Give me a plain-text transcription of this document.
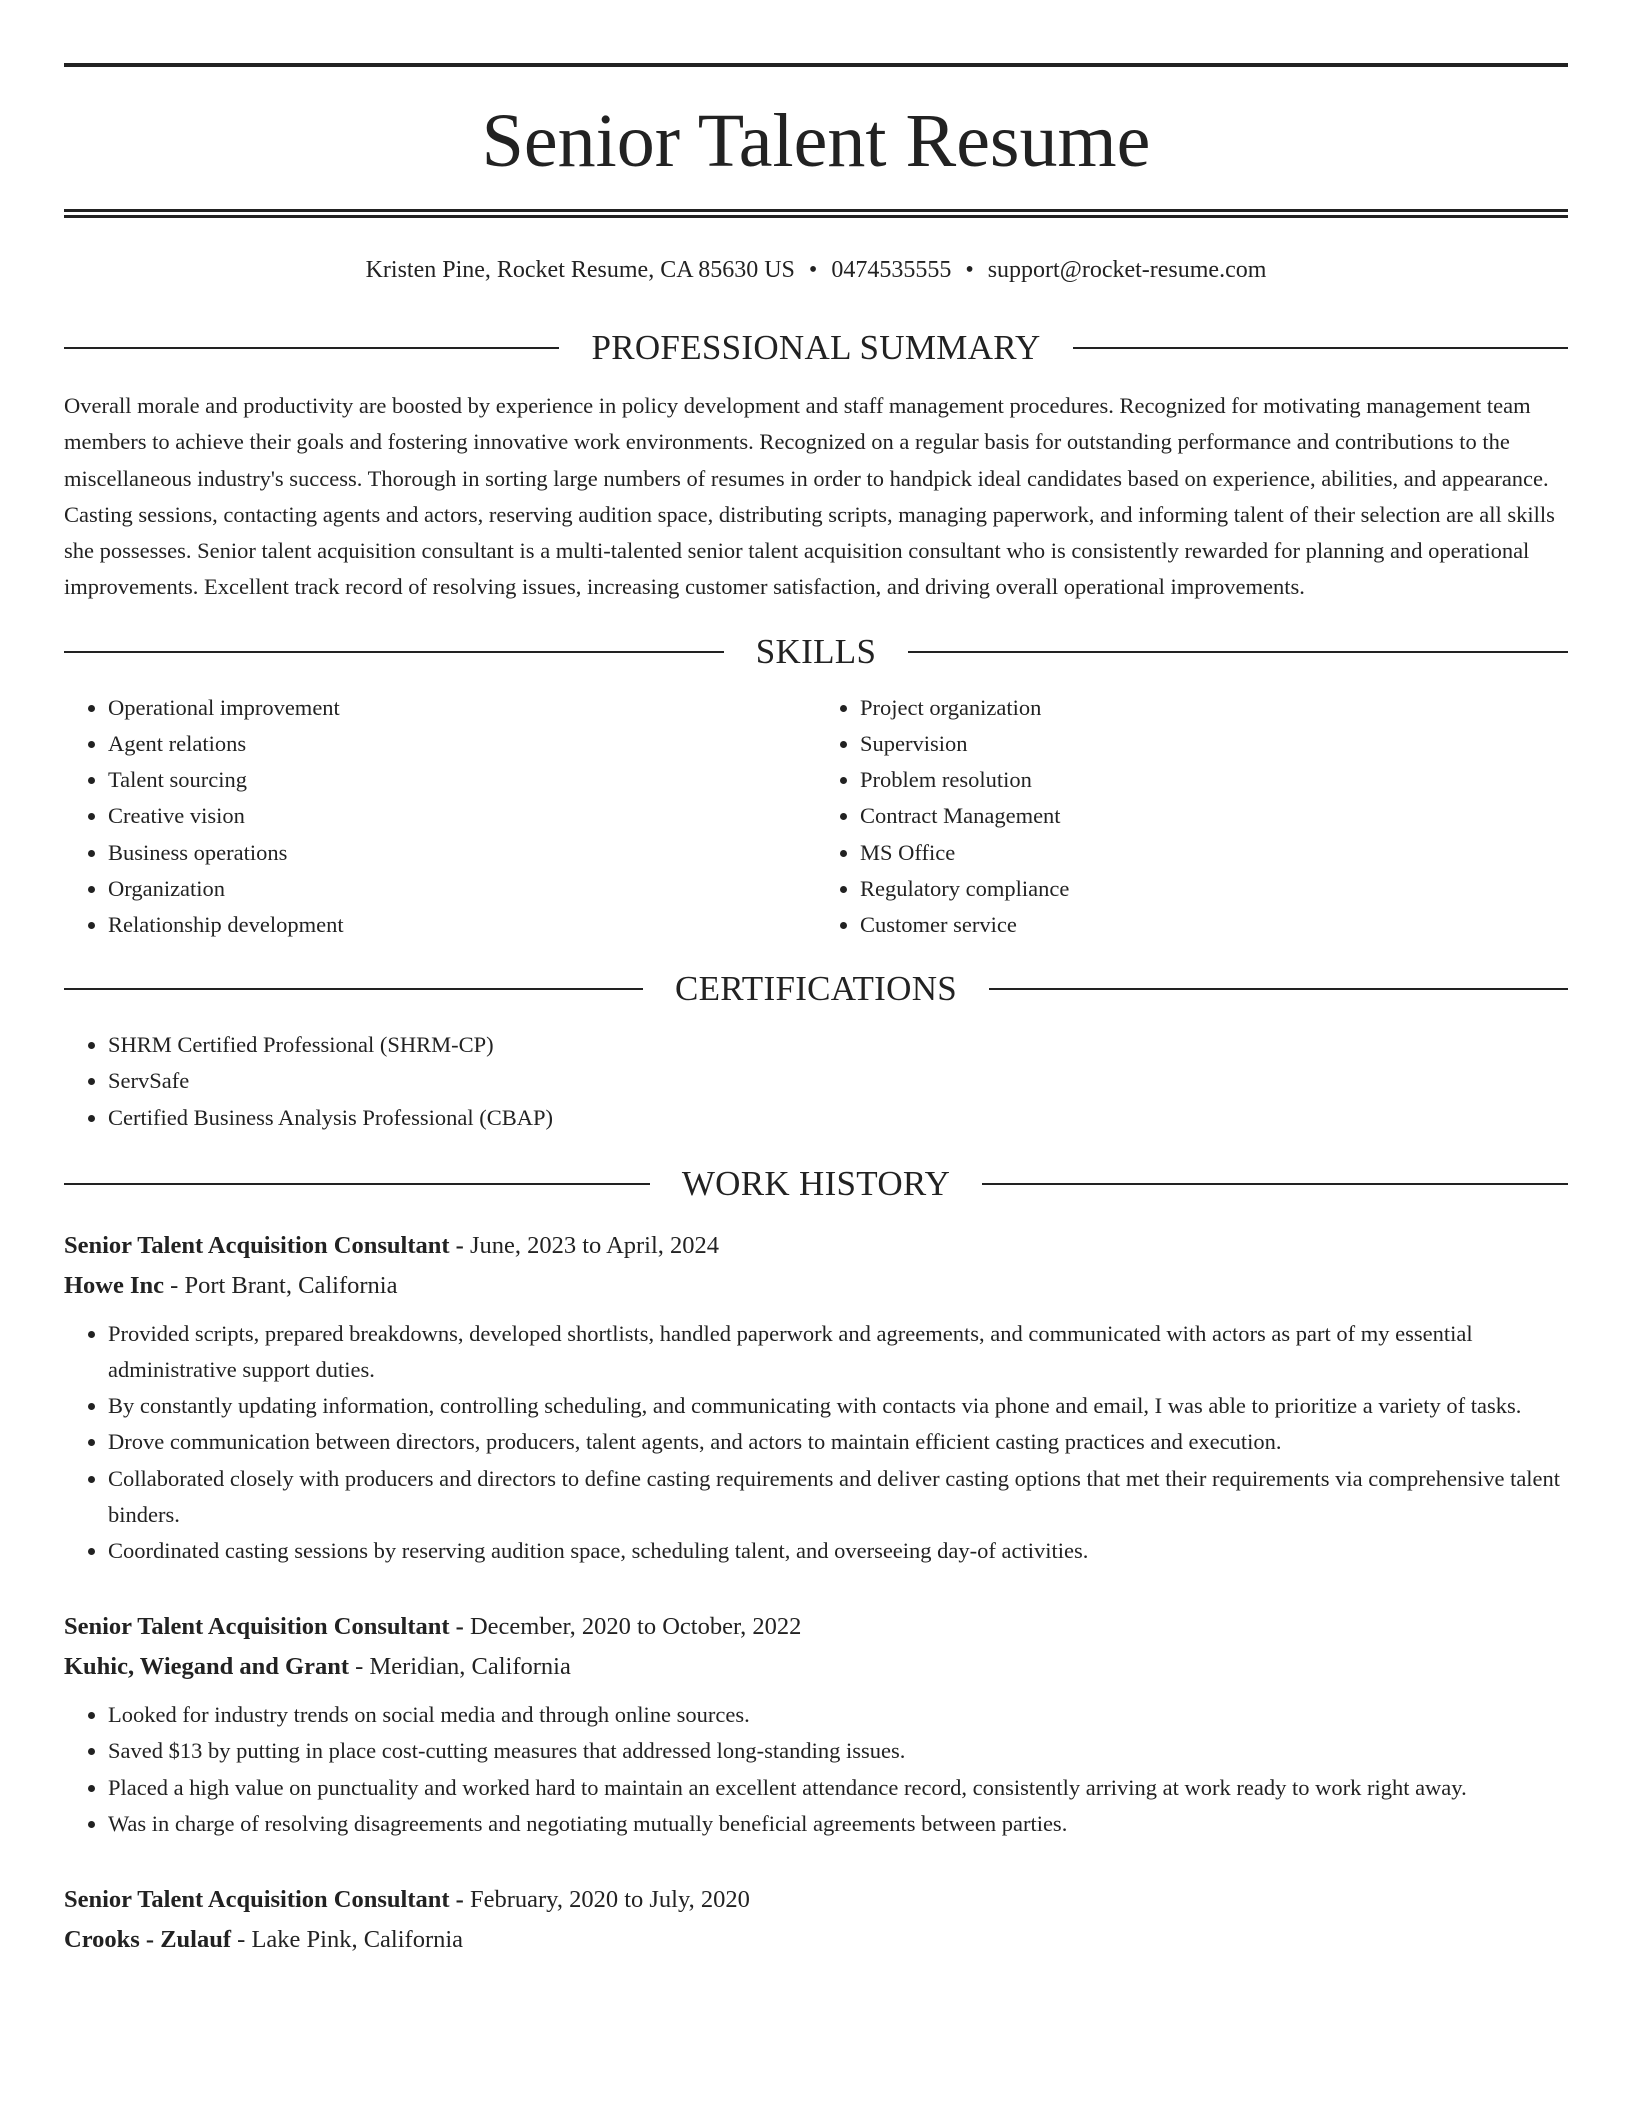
Senior Talent Resume
Kristen Pine, Rocket Resume, CA 85630 US • 0474535555 • support@rocket-resume.com
PROFESSIONAL SUMMARY
Overall morale and productivity are boosted by experience in policy development and staff management procedures. Recognized for motivating management team members to achieve their goals and fostering innovative work environments. Recognized on a regular basis for outstanding performance and contributions to the miscellaneous industry's success. Thorough in sorting large numbers of resumes in order to handpick ideal candidates based on experience, abilities, and appearance. Casting sessions, contacting agents and actors, reserving audition space, distributing scripts, managing paperwork, and informing talent of their selection are all skills she possesses. Senior talent acquisition consultant is a multi-talented senior talent acquisition consultant who is consistently rewarded for planning and operational improvements. Excellent track record of resolving issues, increasing customer satisfaction, and driving overall operational improvements.
SKILLS
• Operational improvement
• Agent relations
• Talent sourcing
• Creative vision
• Business operations
• Organization
• Relationship development
• Project organization
• Supervision
• Problem resolution
• Contract Management
• MS Office
• Regulatory compliance
• Customer service
CERTIFICATIONS
• SHRM Certified Professional (SHRM-CP)
• ServSafe
• Certified Business Analysis Professional (CBAP)
WORK HISTORY
Senior Talent Acquisition Consultant - June, 2023 to April, 2024
Howe Inc - Port Brant, California
• Provided scripts, prepared breakdowns, developed shortlists, handled paperwork and agreements, and communicated with actors as part of my essential administrative support duties.
• By constantly updating information, controlling scheduling, and communicating with contacts via phone and email, I was able to prioritize a variety of tasks.
• Drove communication between directors, producers, talent agents, and actors to maintain efficient casting practices and execution.
• Collaborated closely with producers and directors to define casting requirements and deliver casting options that met their requirements via comprehensive talent binders.
• Coordinated casting sessions by reserving audition space, scheduling talent, and overseeing day-of activities.
Senior Talent Acquisition Consultant - December, 2020 to October, 2022
Kuhic, Wiegand and Grant - Meridian, California
• Looked for industry trends on social media and through online sources.
• Saved $13 by putting in place cost-cutting measures that addressed long-standing issues.
• Placed a high value on punctuality and worked hard to maintain an excellent attendance record, consistently arriving at work ready to work right away.
• Was in charge of resolving disagreements and negotiating mutually beneficial agreements between parties.
Senior Talent Acquisition Consultant - February, 2020 to July, 2020
Crooks - Zulauf - Lake Pink, California
